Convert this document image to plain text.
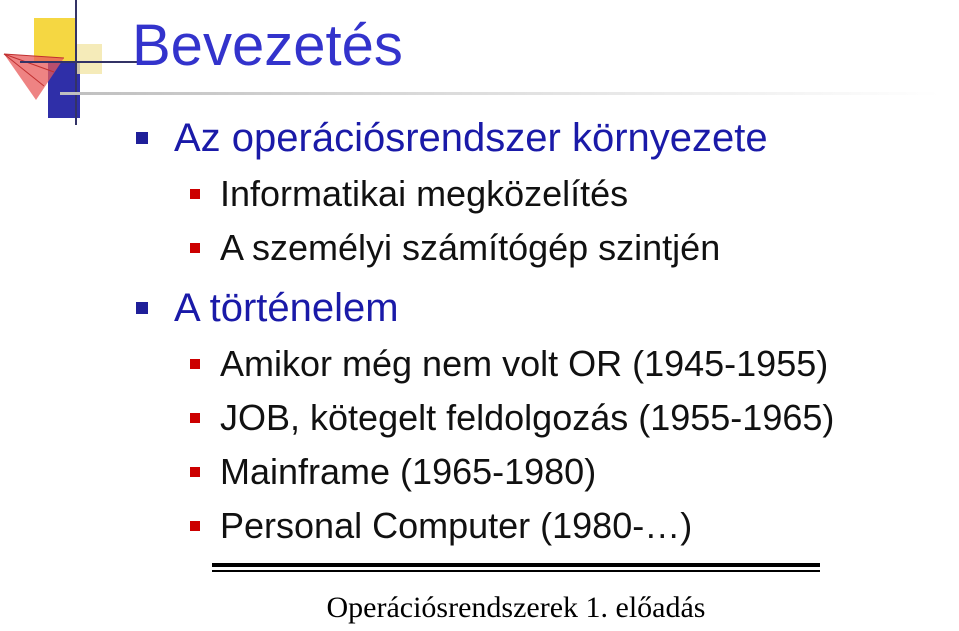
Bevezetés
Az operációsrendszer környezete
Informatikai megközelítés
A személyi számítógép szintjén
A történelem
Amikor még nem volt OR (1945-1955)
JOB, kötegelt feldolgozás (1955-1965)
Mainframe (1965-1980)
Personal Computer (1980-…)
Operációsrendszerek 1. előadás
